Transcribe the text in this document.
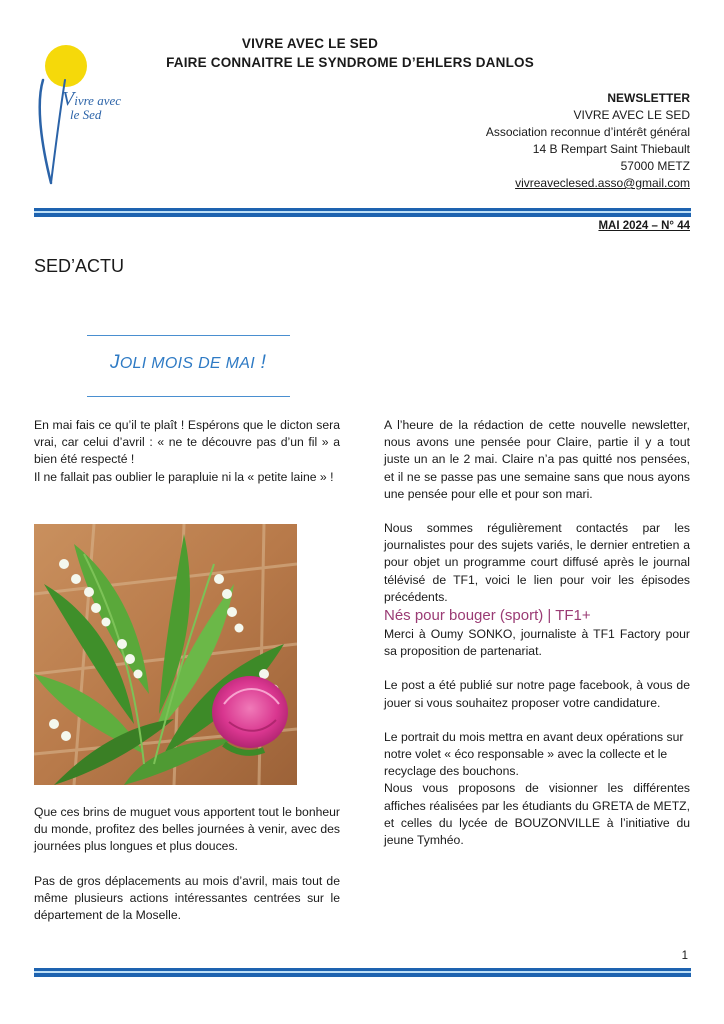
VIVRE AVEC LE SED
FAIRE CONNAITRE LE SYNDROME D’EHLERS DANLOS
Vivre avec
le Sed
NEWSLETTER
VIVRE AVEC LE SED
Association reconnue d’intérêt général
14 B Rempart Saint Thiebault
57000 METZ
vivreaveclesed.asso@gmail.com
MAI 2024 – N° 44
SED’ACTU
JOLI MOIS DE MAI !

En mai fais ce qu’il te plaît ! Espérons que le dicton sera vrai, car celui d’avril : « ne te découvre pas d’un fil » a bien été respecté !

Il ne fallait pas oublier le parapluie ni la « petite laine » !

Que ces brins de muguet vous apportent tout le bonheur du monde, profitez des belles journées à venir, avec des journées plus longues et plus douces.

Pas de gros déplacements au mois d’avril, mais tout de même plusieurs actions intéressantes centrées sur le département de la Moselle.

A l’heure de la rédaction de cette nouvelle newsletter, nous avons une pensée pour Claire, partie il y a tout juste un an le 2 mai. Claire n’a pas quitté nos pensées, et il ne se passe pas une semaine sans que nous ayons une pensée pour elle et pour son mari.

Nous sommes régulièrement contactés par les journalistes pour des sujets variés, le dernier entretien a pour objet un programme court diffusé après le journal télévisé de TF1, voici le lien pour voir les épisodes précédents.

Nés pour bouger (sport) | TF1+

Merci à Oumy SONKO, journaliste à TF1 Factory pour sa proposition de partenariat.

Le post a été publié sur notre page facebook, à vous de jouer si vous souhaitez proposer votre candidature.

Le portrait du mois mettra en avant deux opérations sur notre volet « éco responsable » avec la collecte et le recyclage des bouchons.

Nous vous proposons de visionner les différentes affiches réalisées par les étudiants du GRETA de METZ, et celles du lycée de BOUZONVILLE à l’initiative du jeune Tymhéo.

1
